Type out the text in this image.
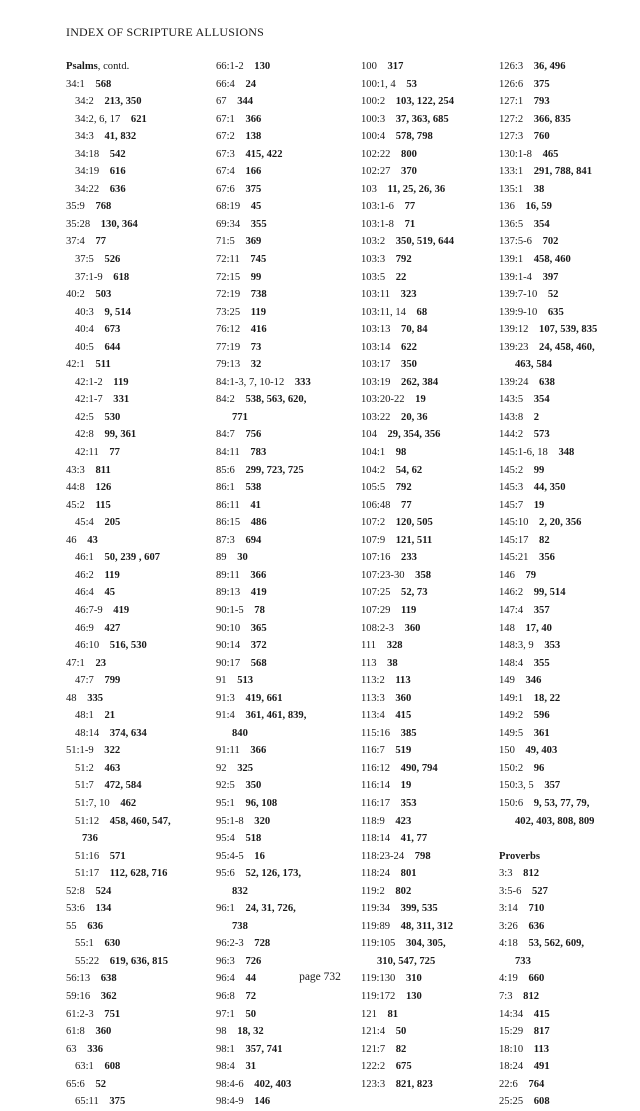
INDEX OF SCRIPTURE ALLUSIONS
Psalms, contd.
34:1  568
34:2  213, 350
34:2, 6, 17  621
34:3  41, 832
34:18  542
34:19  616
34:22  636
35:9  768
35:28  130, 364
37:4  77
37:5  526
37:1-9  618
40:2  503
40:3  9, 514
40:4  673
40:5  644
42:1  511
42:1-2  119
42:1-7  331
42:5  530
42:8  99, 361
42:11  77
43:3  811
44:8  126
45:2  115
45:4  205
46  43
46:1  50, 239 , 607
46:2  119
46:4  45
46:7-9  419
46:9  427
46:10  516, 530
47:1  23
47:7  799
48  335
48:1  21
48:14  374, 634
51:1-9  322
51:2  463
51:7  472, 584
51:7, 10  462
51:12  458, 460, 547,
736
51:16  571
51:17  112, 628, 716
52:8  524
53:6  134
55  636
55:1  630
55:22  619, 636, 815
56:13  638
59:16  362
61:2-3  751
61:8  360
63  336
63:1  608
65:6  52
65:11  375
66:1-2  130
66:4  24
67  344
67:1  366
67:2  138
67:3  415, 422
67:4  166
67:6  375
68:19  45
69:34  355
71:5  369
72:11  745
72:15  99
72:19  738
73:25  119
76:12  416
77:19  73
79:13  32
84:1-3, 7, 10-12  333
84:2  538, 563, 620,
771
84:7  756
84:11  783
85:6  299, 723, 725
86:1  538
86:11  41
86:15  486
87:3  694
89  30
89:11  366
89:13  419
90:1-5  78
90:10  365
90:14  372
90:17  568
91  513
91:3  419, 661
91:4  361, 461, 839,
840
91:11  366
92  325
92:5  350
95:1  96, 108
95:1-8  320
95:4  518
95:4-5  16
95:6  52, 126, 173,
832
96:1  24, 31, 726,
738
96:2-3  728
96:3  726
96:4  44
96:8  72
97:1  50
98  18, 32
98:1  357, 741
98:4  31
98:4-6  402, 403
98:4-9  146
100  317
100:1, 4  53
100:2  103, 122, 254
100:3  37, 363, 685
100:4  578, 798
102:22  800
102:27  370
103  11, 25, 26, 36
103:1-6  77
103:1-8  71
103:2  350, 519, 644
103:3  792
103:5  22
103:11  323
103:11, 14  68
103:13  70, 84
103:14  622
103:17  350
103:19  262, 384
103:20-22  19
103:22  20, 36
104  29, 354, 356
104:1  98
104:2  54, 62
105:5  792
106:48  77
107:2  120, 505
107:9  121, 511
107:16  233
107:23-30  358
107:25  52, 73
107:29  119
108:2-3  360
111  328
113  38
113:2  113
113:3  360
113:4  415
115:16  385
116:7  519
116:12  490, 794
116:14  19
116:17  353
118:9  423
118:14  41, 77
118:23-24  798
118:24  801
119:2  802
119:34  399, 535
119:89  48, 311, 312
119:105  304, 305,
310, 547, 725
119:130  310
119:172  130
121  81
121:4  50
121:7  82
122:2  675
123:3  821, 823
126:3  36, 496
126:6  375
127:1  793
127:2  366, 835
127:3  760
130:1-8  465
133:1  291, 788, 841
135:1  38
136  16, 59
136:5  354
137:5-6  702
139:1  458, 460
139:1-4  397
139:7-10  52
139:9-10  635
139:12  107, 539, 835
139:23  24, 458, 460,
463, 584
139:24  638
143:5  354
143:8  2
144:2  573
145:1-6, 18  348
145:2  99
145:3  44, 350
145:7  19
145:10  2, 20, 356
145:17  82
145:21  356
146  79
146:2  99, 514
147:4  357
148  17, 40
148:3, 9  353
148:4  355
149  346
149:1  18, 22
149:2  596
149:5  361
150  49, 403
150:2  96
150:3, 5  357
150:6  9, 53, 77, 79,
402, 403, 808, 809
Proverbs
3:3  812
3:5-6  527
3:14  710
3:26  636
4:18  53, 562, 609,
733
4:19  660
7:3  812
14:34  415
15:29  817
18:10  113
18:24  491
22:6  764
25:25  608
page 732
